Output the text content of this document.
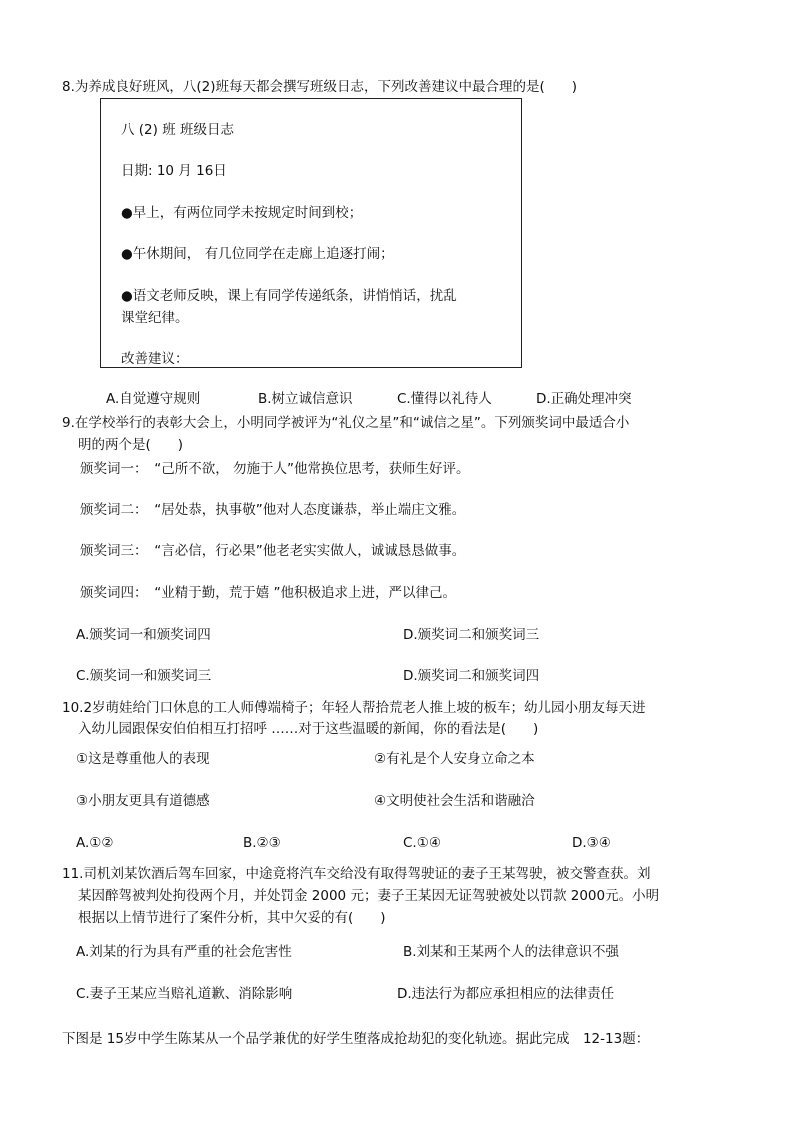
8.为养成良好班风，八(2)班每天都会撰写班级日志，下列改善建议中最合理的是(　　)
八 (2) 班 班级日志
日期: 10 月 16日
●早上，有两位同学未按规定时间到校；
●午休期间， 有几位同学在走廊上追逐打闹；
●语文老师反映，课上有同学传递纸条，讲悄悄话，扰乱
课堂纪律。
改善建议：
A.自觉遵守规则	B.树立诚信意识	C.懂得以礼待人	D.正确处理冲突
9.在学校举行的表彰大会上，小明同学被评为“礼仪之星”和“诚信之星”。下列颁奖词中最适合小
明的两个是(　　)
颁奖词一：　“己所不欲， 勿施于人”他常换位思考，获师生好评。
颁奖词二：　“居处恭，执事敬”他对人态度谦恭，举止端庄文雅。
颁奖词三：　“言必信，行必果”他老老实实做人，诚诚恳恳做事。
颁奖词四：　“业精于勤，荒于嬉 ”他积极追求上进，严以律己。
A.颁奖词一和颁奖词四	D.颁奖词二和颁奖词三
C.颁奖词一和颁奖词三	D.颁奖词二和颁奖词四
10.2岁萌娃给门口休息的工人师傅端椅子；年轻人帮拾荒老人推上坡的板车；幼儿园小朋友每天进
入幼儿园跟保安伯伯相互打招呼 ……对于这些温暖的新闻，你的看法是(　　)
①这是尊重他人的表现	②有礼是个人安身立命之本
③小朋友更具有道德感	④文明使社会生活和谐融洽
A.①②	B.②③	C.①④	D.③④
11.司机刘某饮酒后驾车回家，中途竟将汽车交给没有取得驾驶证的妻子王某驾驶，被交警查获。刘
某因醉驾被判处拘役两个月，并处罚金 2000 元；妻子王某因无证驾驶被处以罚款 2000元。小明
根据以上情节进行了案件分析，其中欠妥的有(　　)
A.刘某的行为具有严重的社会危害性	B.刘某和王某两个人的法律意识不强
C.妻子王某应当赔礼道歉、消除影响	D.违法行为都应承担相应的法律责任
下图是 15岁中学生陈某从一个品学兼优的好学生堕落成抢劫犯的变化轨迹。据此完成　12-13题：
